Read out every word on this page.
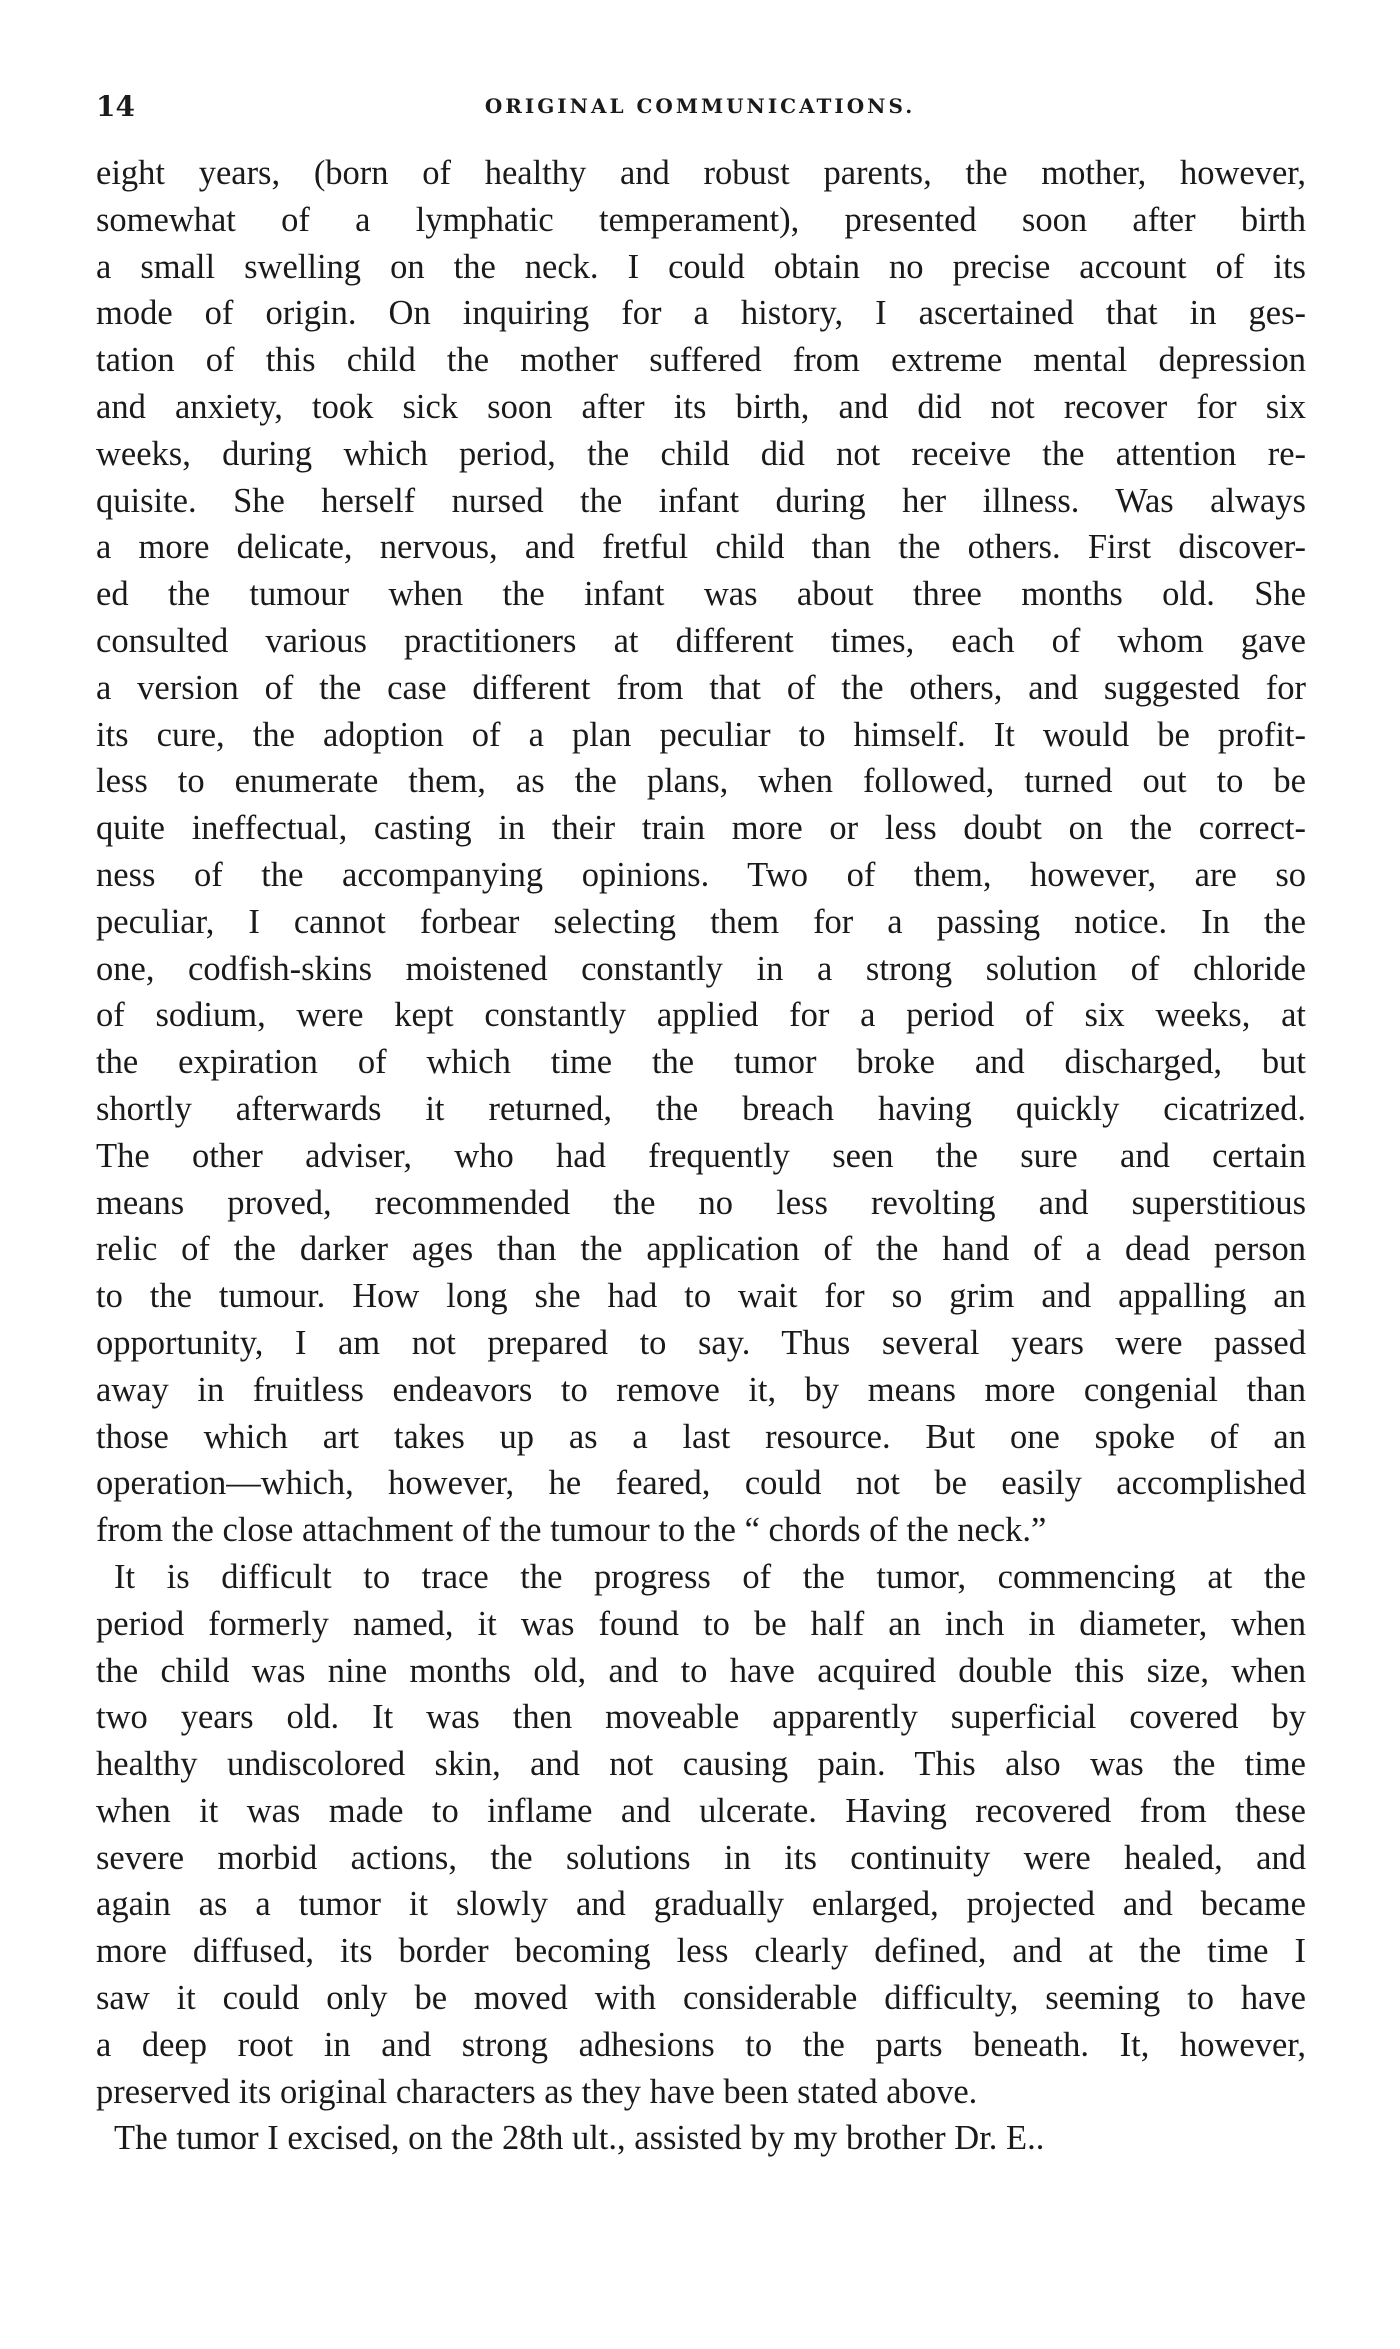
14	ORIGINAL COMMUNICATIONS.
eight years, (born of healthy and robust parents, the mother, however,
somewhat of a lymphatic temperament), presented soon after birth
a small swelling on the neck. I could obtain no precise account of its
mode of origin. On inquiring for a history, I ascertained that in ges-
tation of this child the mother suffered from extreme mental depression
and anxiety, took sick soon after its birth, and did not recover for six
weeks, during which period, the child did not receive the attention re-
quisite. She herself nursed the infant during her illness. Was always
a more delicate, nervous, and fretful child than the others. First discover-
ed the tumour when the infant was about three months old. She
consulted various practitioners at different times, each of whom gave
a version of the case different from that of the others, and suggested for
its cure, the adoption of a plan peculiar to himself. It would be profit-
less to enumerate them, as the plans, when followed, turned out to be
quite ineffectual, casting in their train more or less doubt on the correct-
ness of the accompanying opinions. Two of them, however, are so
peculiar, I cannot forbear selecting them for a passing notice. In the
one, codfish-skins moistened constantly in a strong solution of chloride
of sodium, were kept constantly applied for a period of six weeks, at
the expiration of which time the tumor broke and discharged, but
shortly afterwards it returned, the breach having quickly cicatrized.
The other adviser, who had frequently seen the sure and certain
means proved, recommended the no less revolting and superstitious
relic of the darker ages than the application of the hand of a dead person
to the tumour. How long she had to wait for so grim and appalling an
opportunity, I am not prepared to say. Thus several years were passed
away in fruitless endeavors to remove it, by means more congenial than
those which art takes up as a last resource. But one spoke of an
operation—which, however, he feared, could not be easily accomplished
from the close attachment of the tumour to the “ chords of the neck.”
It is difficult to trace the progress of the tumor, commencing at the
period formerly named, it was found to be half an inch in diameter, when
the child was nine months old, and to have acquired double this size, when
two years old. It was then moveable apparently superficial covered by
healthy undiscolored skin, and not causing pain. This also was the time
when it was made to inflame and ulcerate. Having recovered from these
severe morbid actions, the solutions in its continuity were healed, and
again as a tumor it slowly and gradually enlarged, projected and became
more diffused, its border becoming less clearly defined, and at the time I
saw it could only be moved with considerable difficulty, seeming to have
a deep root in and strong adhesions to the parts beneath. It, however,
preserved its original characters as they have been stated above.
The tumor I excised, on the 28th ult., assisted by my brother Dr. E..
